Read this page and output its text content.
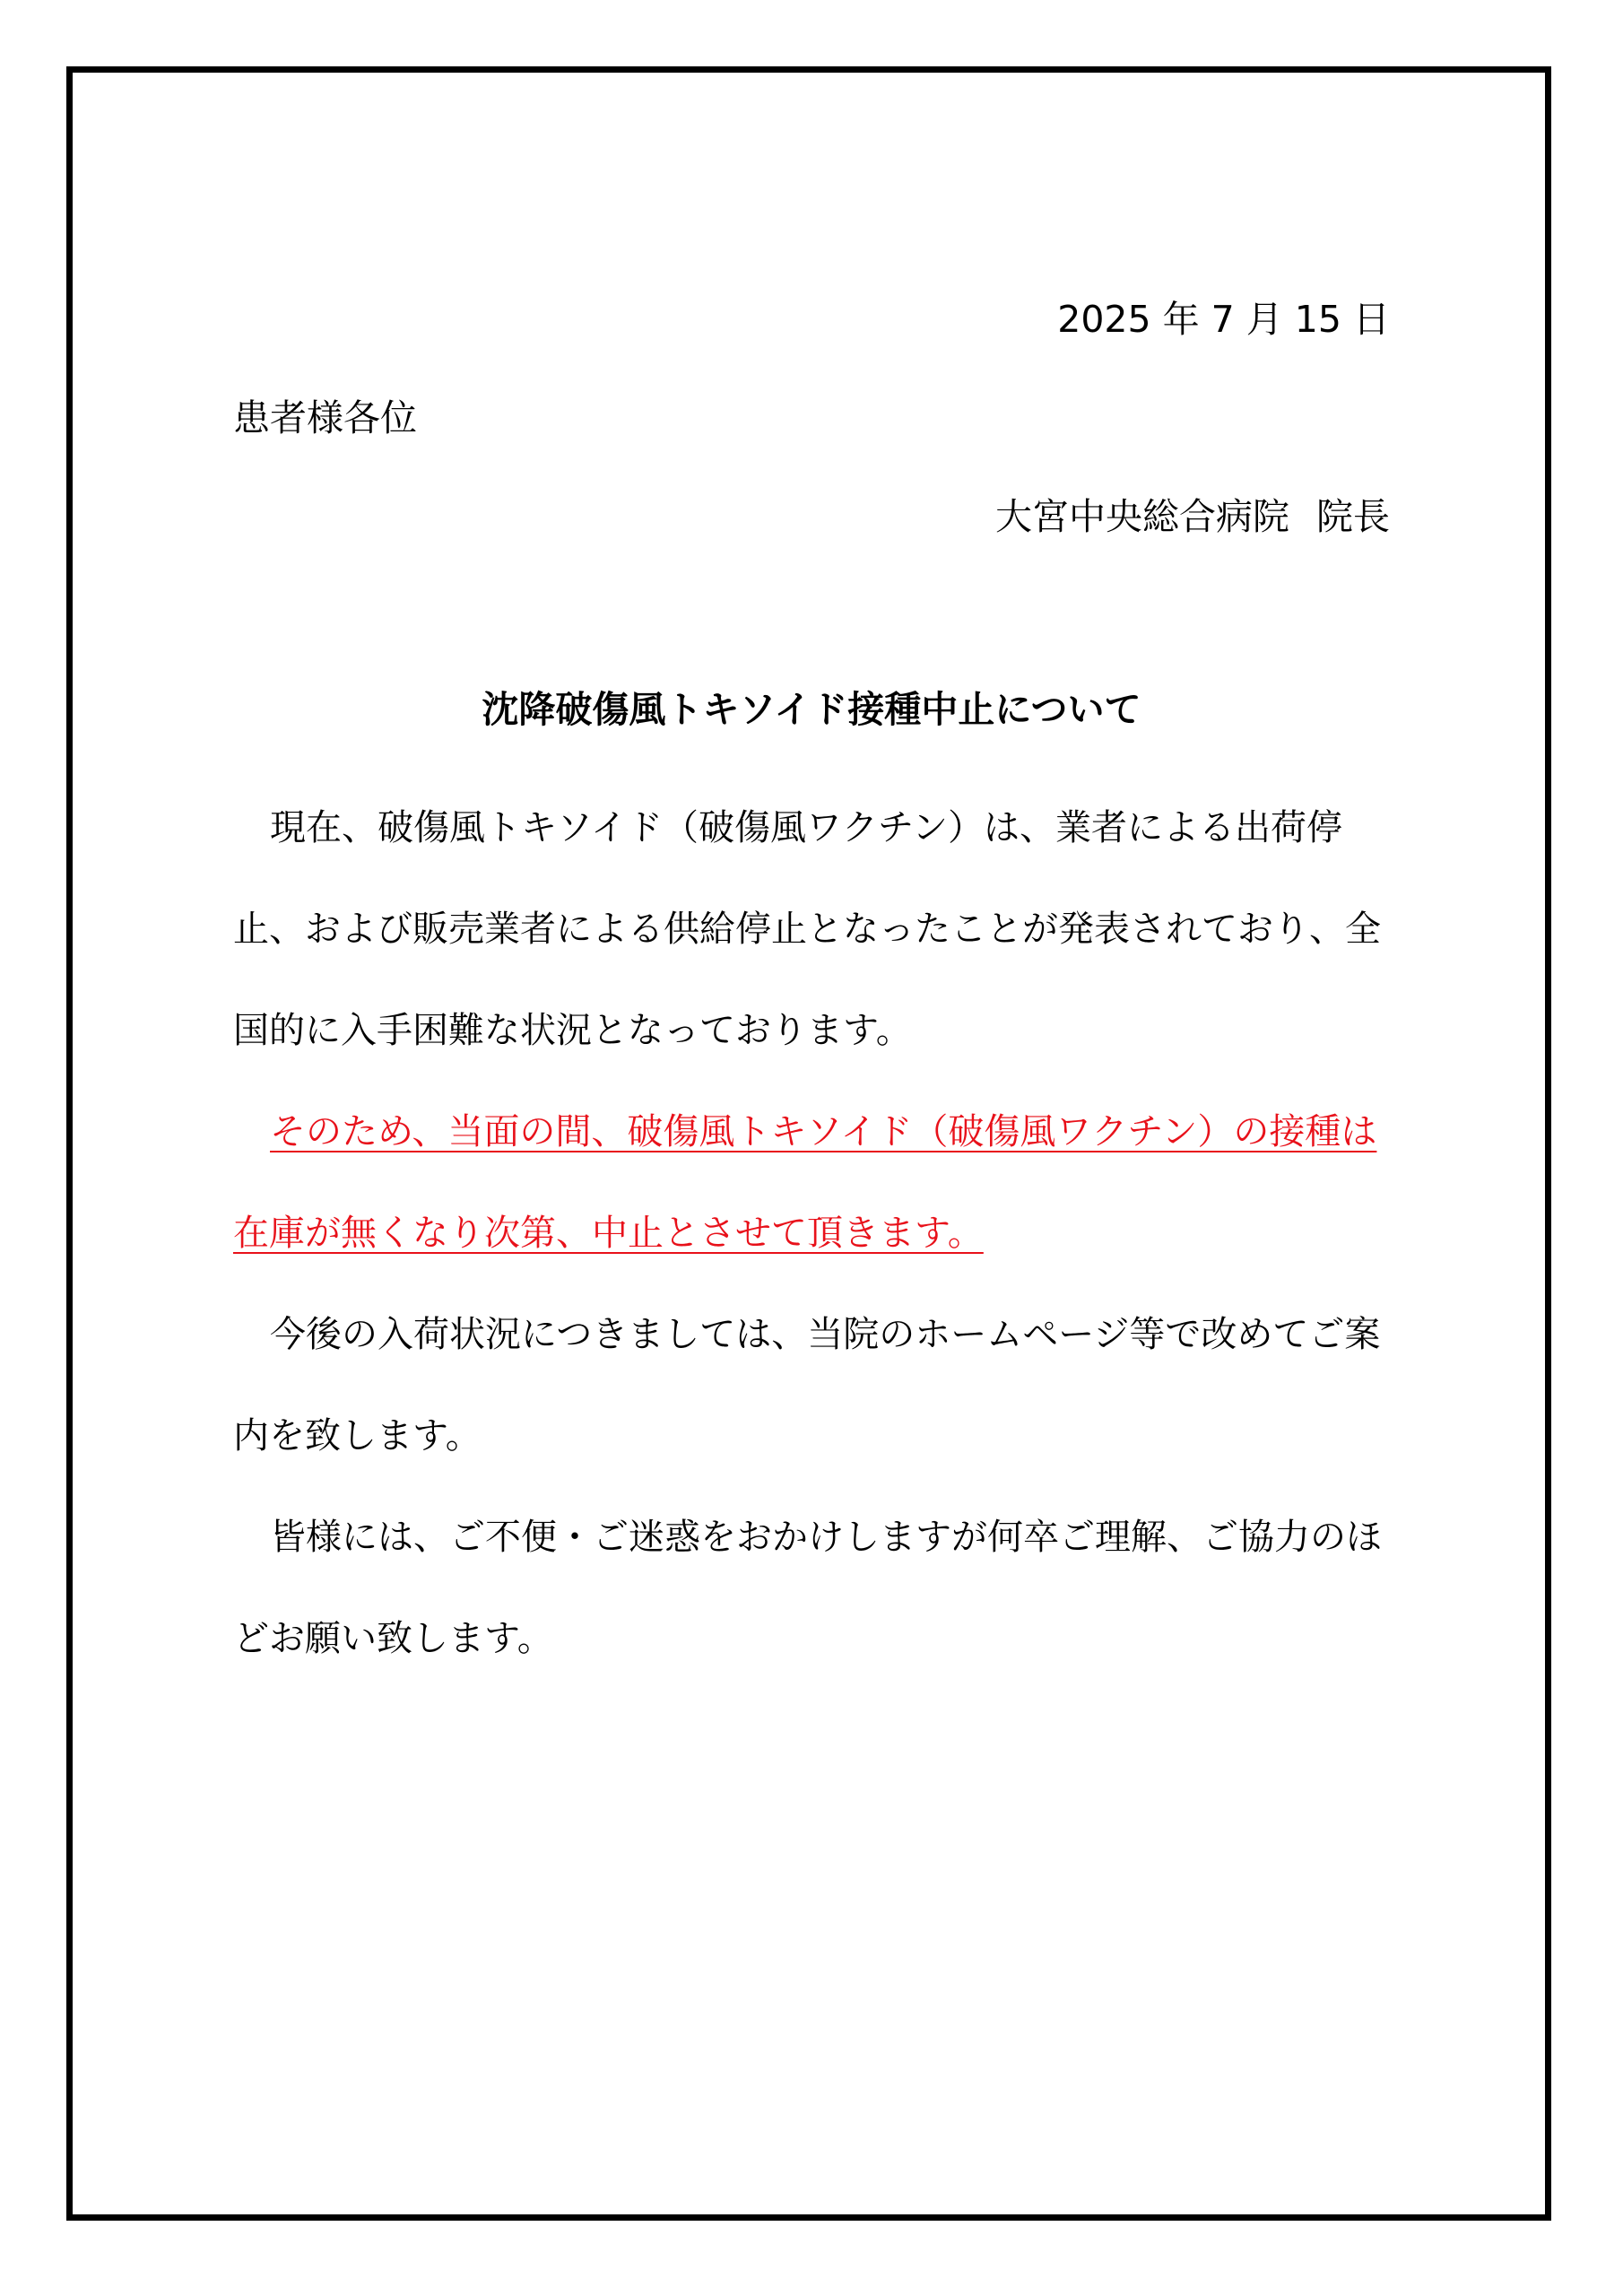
2025 年 7 月 15 日
患者様各位
大宮中央総合病院 院長
沈降破傷風トキソイド接種中止について

現在、破傷風トキソイド（破傷風ワクチン）は、業者による出荷停止、および販売業者による供給停止となったことが発表されており、全国的に入手困難な状況となっております。

そのため、当面の間、破傷風トキソイド（破傷風ワクチン）の接種は在庫が無くなり次第、中止とさせて頂きます。

今後の入荷状況につきましては、当院のホームページ等で改めてご案内を致します。

皆様には、ご不便・ご迷惑をおかけしますが何卒ご理解、ご協力のほどお願い致します。
